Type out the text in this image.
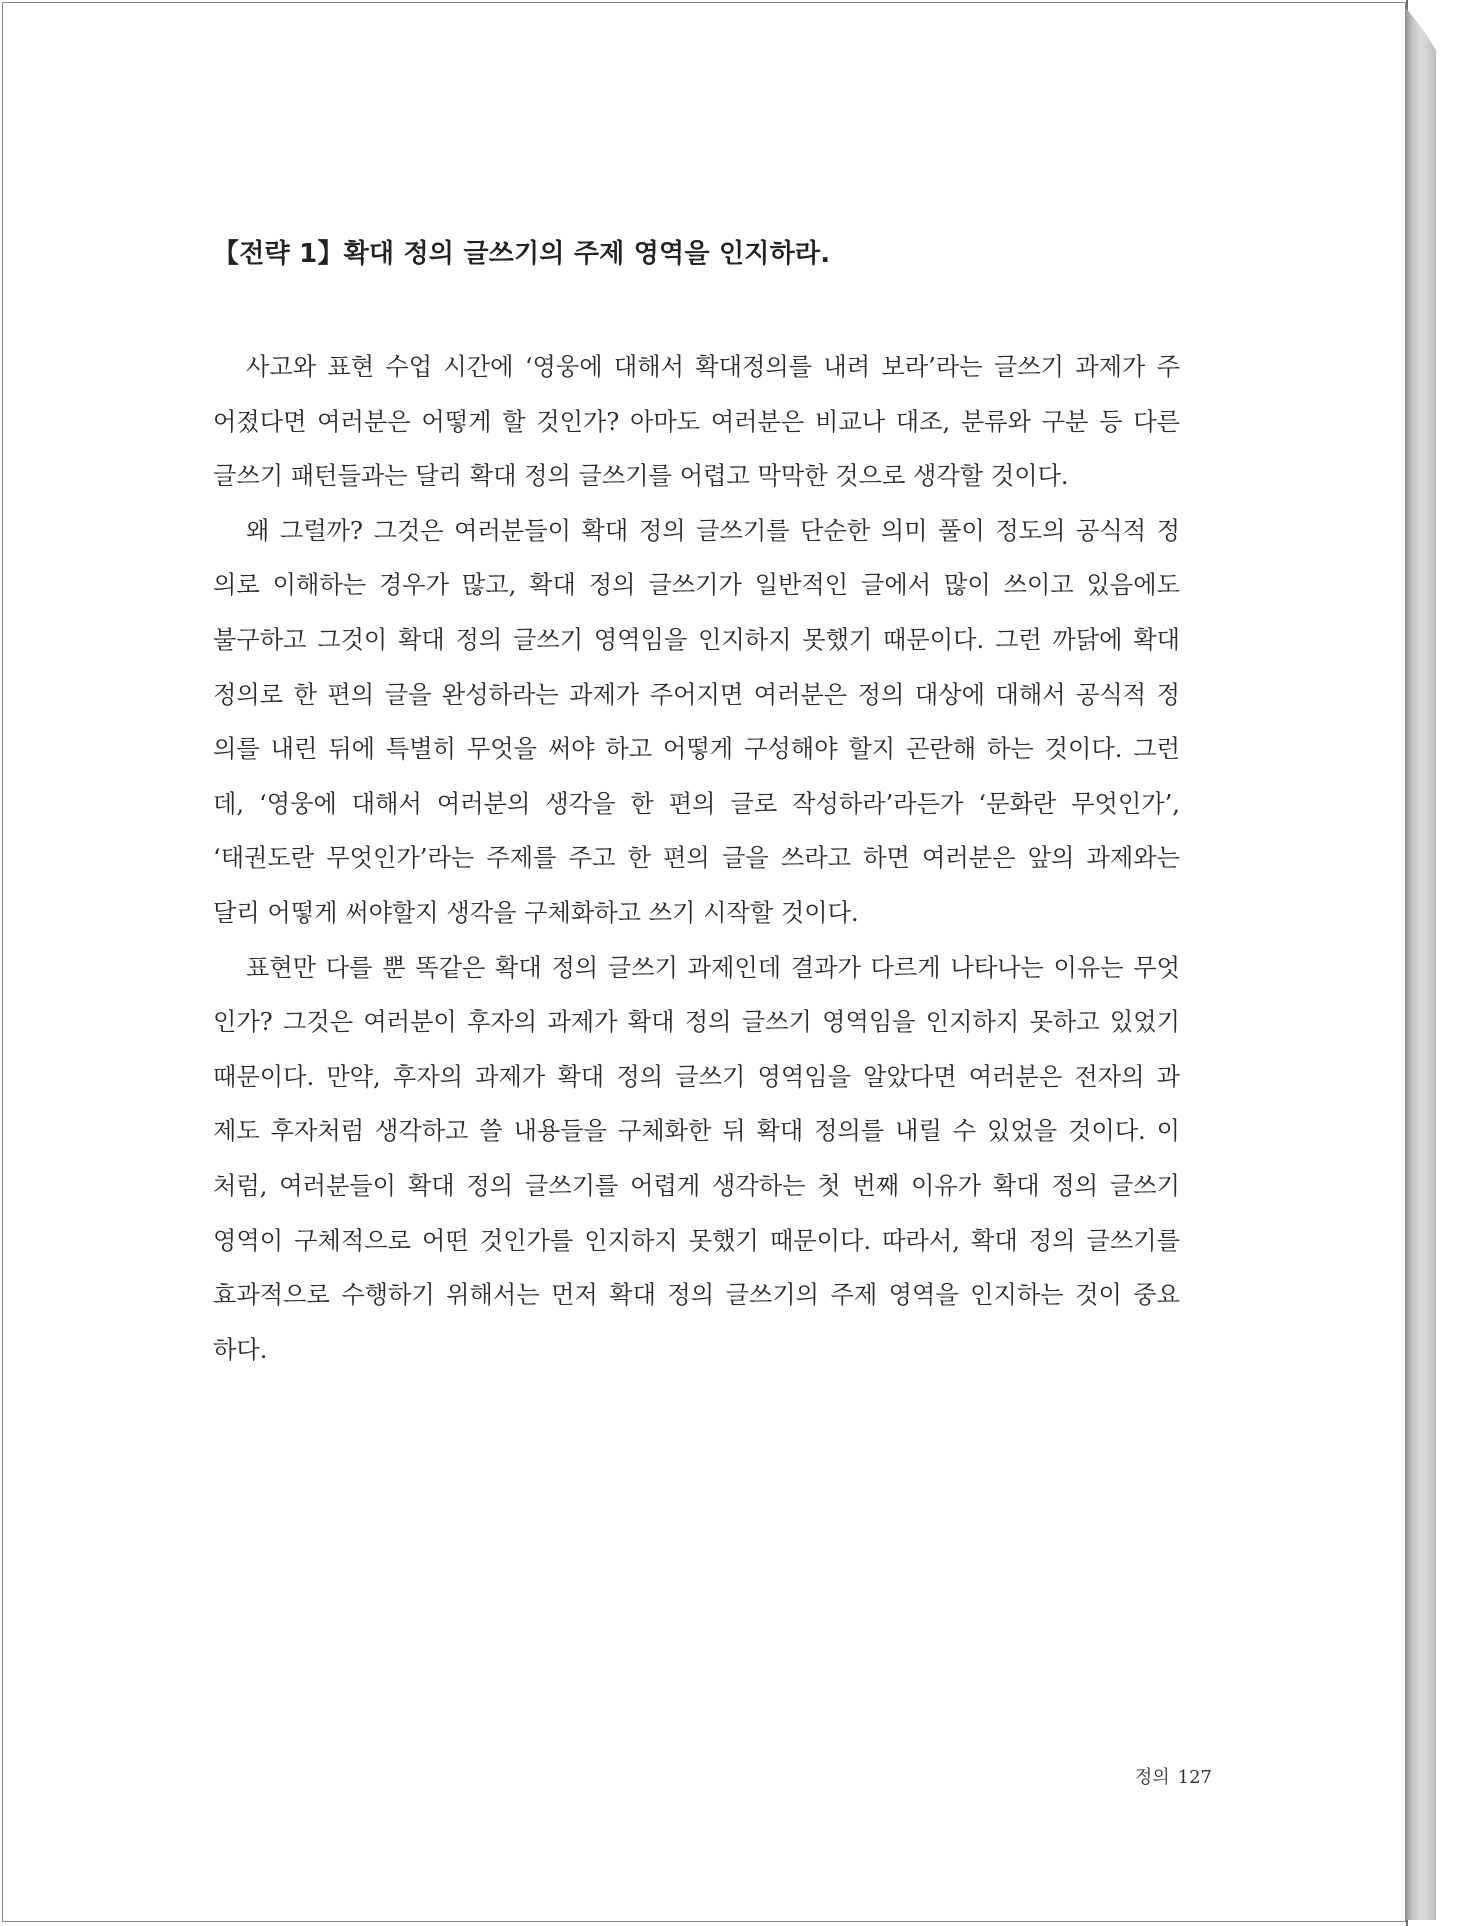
【전략 1】확대 정의 글쓰기의 주제 영역을 인지하라.
사고와 표현 수업 시간에 ‘영웅에 대해서 확대정의를 내려 보라’라는 글쓰기 과제가 주
어졌다면 여러분은 어떻게 할 것인가? 아마도 여러분은 비교나 대조, 분류와 구분 등 다른
글쓰기 패턴들과는 달리 확대 정의 글쓰기를 어렵고 막막한 것으로 생각할 것이다.
왜 그럴까? 그것은 여러분들이 확대 정의 글쓰기를 단순한 의미 풀이 정도의 공식적 정
의로 이해하는 경우가 많고, 확대 정의 글쓰기가 일반적인 글에서 많이 쓰이고 있음에도
불구하고 그것이 확대 정의 글쓰기 영역임을 인지하지 못했기 때문이다. 그런 까닭에 확대
정의로 한 편의 글을 완성하라는 과제가 주어지면 여러분은 정의 대상에 대해서 공식적 정
의를 내린 뒤에 특별히 무엇을 써야 하고 어떻게 구성해야 할지 곤란해 하는 것이다. 그런
데, ‘영웅에 대해서 여러분의 생각을 한 편의 글로 작성하라’라든가 ‘문화란 무엇인가’,
‘태권도란 무엇인가’라는 주제를 주고 한 편의 글을 쓰라고 하면 여러분은 앞의 과제와는
달리 어떻게 써야할지 생각을 구체화하고 쓰기 시작할 것이다.
표현만 다를 뿐 똑같은 확대 정의 글쓰기 과제인데 결과가 다르게 나타나는 이유는 무엇
인가? 그것은 여러분이 후자의 과제가 확대 정의 글쓰기 영역임을 인지하지 못하고 있었기
때문이다. 만약, 후자의 과제가 확대 정의 글쓰기 영역임을 알았다면 여러분은 전자의 과
제도 후자처럼 생각하고 쓸 내용들을 구체화한 뒤 확대 정의를 내릴 수 있었을 것이다. 이
처럼, 여러분들이 확대 정의 글쓰기를 어렵게 생각하는 첫 번째 이유가 확대 정의 글쓰기
영역이 구체적으로 어떤 것인가를 인지하지 못했기 때문이다. 따라서, 확대 정의 글쓰기를
효과적으로 수행하기 위해서는 먼저 확대 정의 글쓰기의 주제 영역을 인지하는 것이 중요
하다.
정의 127
